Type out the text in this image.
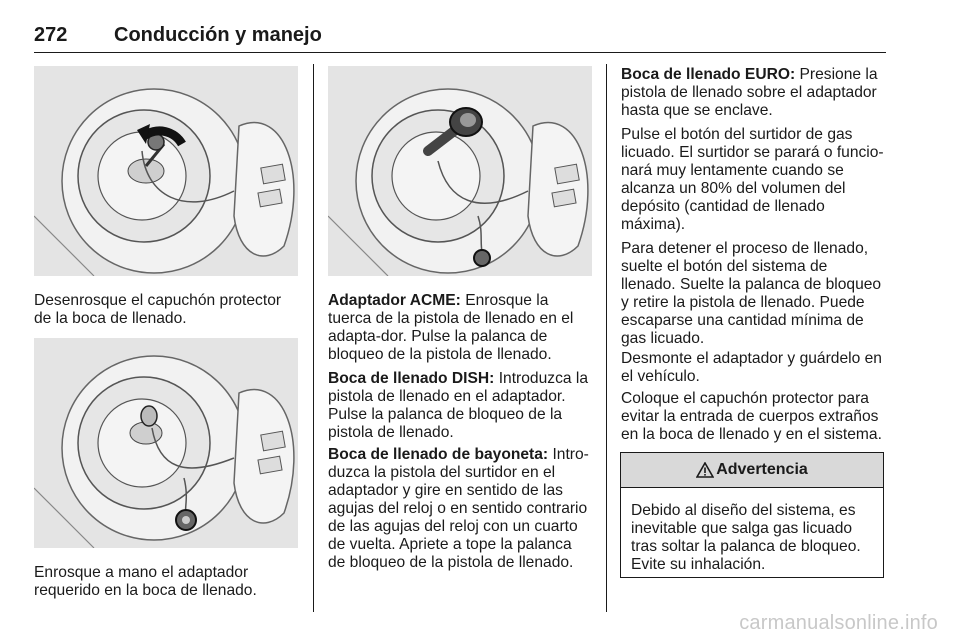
272 Conducción y manejo

Desenrosque el capuchón protector de la boca de llenado.

Enrosque a mano el adaptador requerido en la boca de llenado.

Adaptador ACME: Enrosque la tuerca de la pistola de llenado en el adapta-dor. Pulse la palanca de bloqueo de la pistola de llenado.

Boca de llenado DISH: Introduzca la pistola de llenado en el adaptador. Pulse la palanca de bloqueo de la pistola de llenado.

Boca de llenado de bayoneta: Intro-duzca la pistola del surtidor en el adaptador y gire en sentido de las agujas del reloj o en sentido contrario de las agujas del reloj con un cuarto de vuelta. Apriete a tope la palanca de bloqueo de la pistola de llenado.

Boca de llenado EURO: Presione la pistola de llenado sobre el adaptador hasta que se enclave.

Pulse el botón del surtidor de gas licuado. El surtidor se parará o funcio-nará muy lentamente cuando se alcanza un 80% del volumen del depósito (cantidad de llenado máxima).

Para detener el proceso de llenado, suelte el botón del sistema de llenado. Suelte la palanca de bloqueo y retire la pistola de llenado. Puede escaparse una cantidad mínima de gas licuado.

Desmonte el adaptador y guárdelo en el vehículo.

Coloque el capuchón protector para evitar la entrada de cuerpos extraños en la boca de llenado y en el sistema.

Advertencia
Debido al diseño del sistema, es inevitable que salga gas licuado tras soltar la palanca de bloqueo. Evite su inhalación.
carmanualsonline.info
